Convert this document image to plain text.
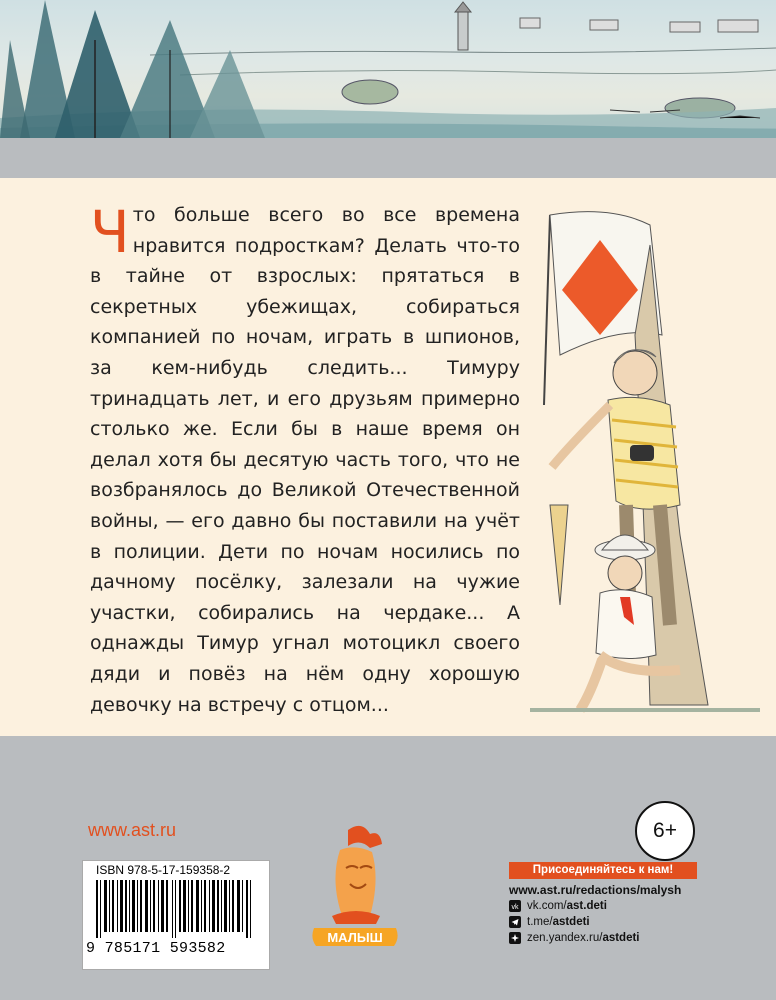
Что больше всего во все времена нравится подросткам? Делать что-то в тайне от взрослых: прятаться в секретных убежищах, собираться компанией по ночам, играть в шпионов, за кем-нибудь следить... Тимуру тринадцать лет, и его друзьям примерно столько же. Если бы в наше время он делал хотя бы десятую часть того, что не возбранялось до Великой Отечественной войны, — его давно бы поставили на учёт в полиции. Дети по ночам носились по дачному посёлку, залезали на чужие участки, собирались на чердаке... А однажды Тимур угнал мотоцикл своего дяди и повёз на нём одну хорошую девочку на встречу с отцом...

www.ast.ru

ISBN 978-5-17-159358-2

9 785171 593582

МАЛЫШ

6+

Присоединяйтесь к нам!

www.ast.ru/redactions/malysh

vk vk.com/ ast.deti
t.me/ astdeti
zen.yandex.ru/ astdeti
